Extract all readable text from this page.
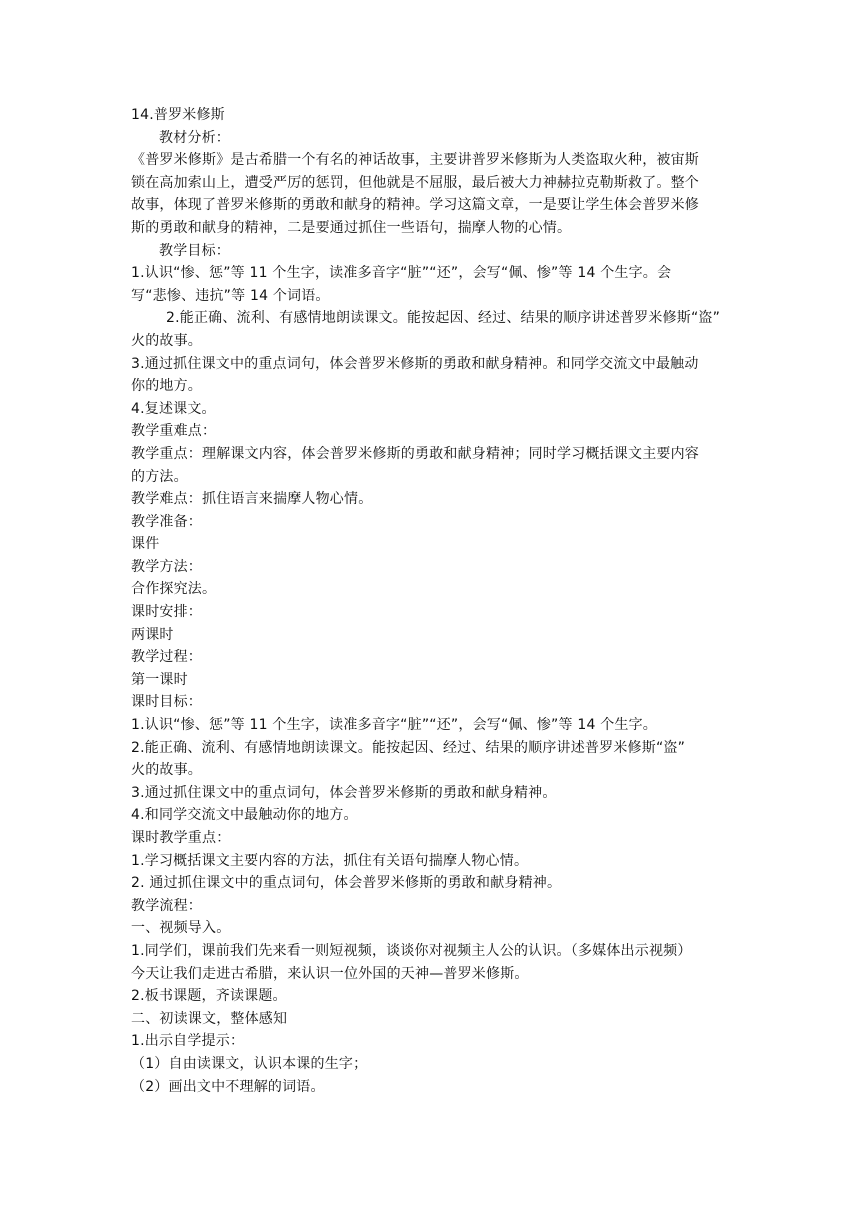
14.普罗米修斯
教材分析：
《普罗米修斯》是古希腊一个有名的神话故事，主要讲普罗米修斯为人类盗取火种，被宙斯
锁在高加索山上，遭受严厉的惩罚，但他就是不屈服，最后被大力神赫拉克勒斯救了。整个
故事，体现了普罗米修斯的勇敢和献身的精神。学习这篇文章，一是要让学生体会普罗米修
斯的勇敢和献身的精神，二是要通过抓住一些语句，揣摩人物的心情。
教学目标：
1.认识“惨、惩”等 11 个生字，读准多音字“脏”“还”，会写“佩、惨”等 14 个生字。会
写“悲惨、违抗”等 14 个词语。
2.能正确、流利、有感情地朗读课文。能按起因、经过、结果的顺序讲述普罗米修斯“盗”
火的故事。
3.通过抓住课文中的重点词句，体会普罗米修斯的勇敢和献身精神。和同学交流文中最触动
你的地方。
4.复述课文。
教学重难点：
教学重点：理解课文内容，体会普罗米修斯的勇敢和献身精神；同时学习概括课文主要内容
的方法。
教学难点：抓住语言来揣摩人物心情。
教学准备：
课件
教学方法：
合作探究法。
课时安排：
两课时
教学过程：
第一课时
课时目标：
1.认识“惨、惩”等 11 个生字，读准多音字“脏”“还”，会写“佩、惨”等 14 个生字。
2.能正确、流利、有感情地朗读课文。能按起因、经过、结果的顺序讲述普罗米修斯“盗”
火的故事。
3.通过抓住课文中的重点词句，体会普罗米修斯的勇敢和献身精神。
4.和同学交流文中最触动你的地方。
课时教学重点：
1.学习概括课文主要内容的方法，抓住有关语句揣摩人物心情。
2. 通过抓住课文中的重点词句，体会普罗米修斯的勇敢和献身精神。
教学流程：
一、视频导入。
1.同学们，课前我们先来看一则短视频，谈谈你对视频主人公的认识。（多媒体出示视频）
今天让我们走进古希腊，来认识一位外国的天神—普罗米修斯。
2.板书课题，齐读课题。
二、初读课文，整体感知
1.出示自学提示：
（1）自由读课文，认识本课的生字；
（2）画出文中不理解的词语。
